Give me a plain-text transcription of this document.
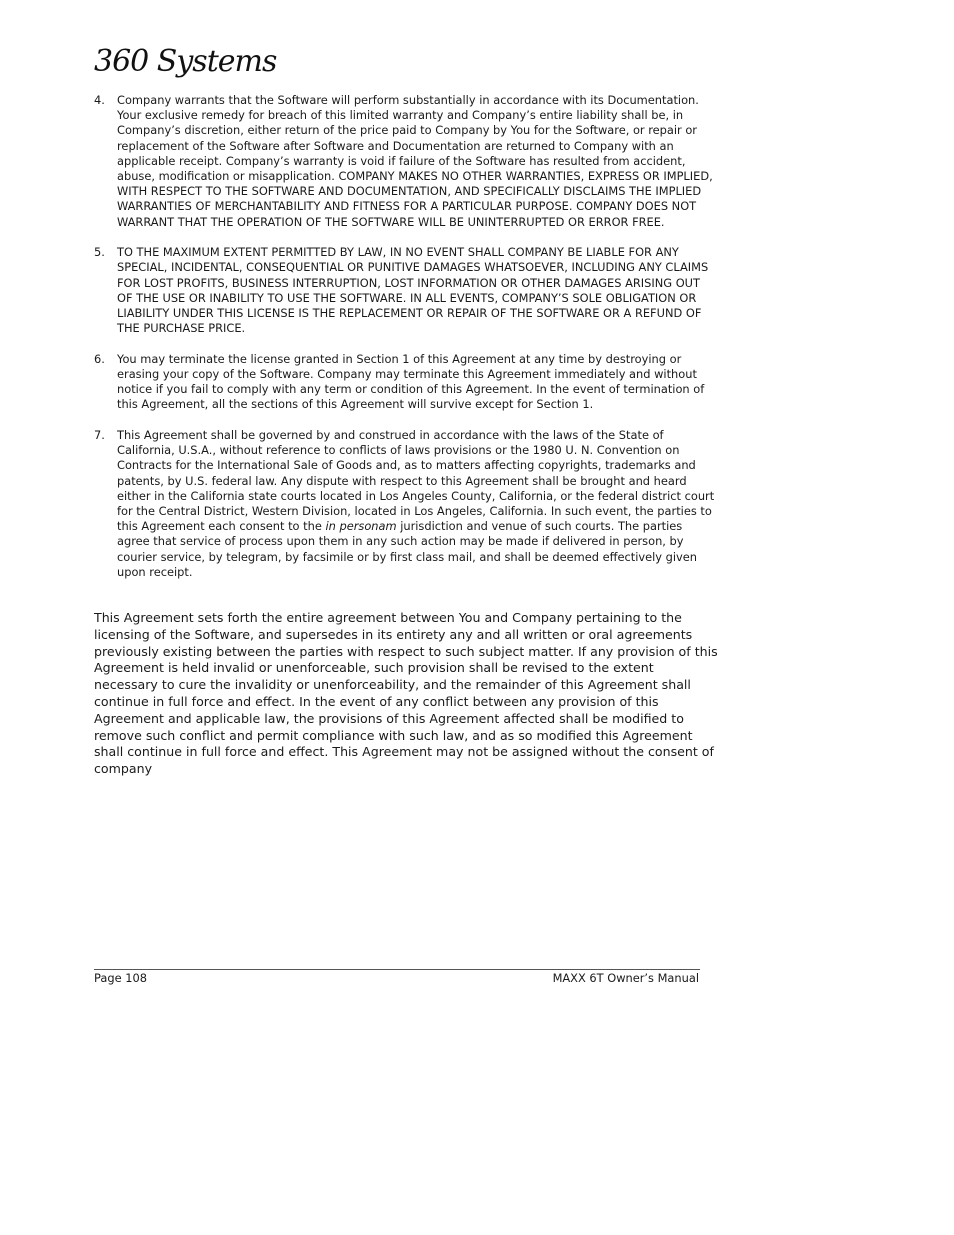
360 Systems
4. Company warrants that the Software will perform substantially in accordance with its Documentation. Your exclusive remedy for breach of this limited warranty and Company’s entire liability shall be, in Company’s discretion, either return of the price paid to Company by You for the Software, or repair or replacement of the Software after Software and Documentation are returned to Company with an applicable receipt. Company’s warranty is void if failure of the Software has resulted from accident, abuse, modification or misapplication. COMPANY MAKES NO OTHER WARRANTIES, EXPRESS OR IMPLIED, WITH RESPECT TO THE SOFTWARE AND DOCUMENTATION, AND SPECIFICALLY DISCLAIMS THE IMPLIED WARRANTIES OF MERCHANTABILITY AND FITNESS FOR A PARTICULAR PURPOSE. COMPANY DOES NOT WARRANT THAT THE OPERATION OF THE SOFTWARE WILL BE UNINTERRUPTED OR ERROR FREE.
5. TO THE MAXIMUM EXTENT PERMITTED BY LAW, IN NO EVENT SHALL COMPANY BE LIABLE FOR ANY SPECIAL, INCIDENTAL, CONSEQUENTIAL OR PUNITIVE DAMAGES WHATSOEVER, INCLUDING ANY CLAIMS FOR LOST PROFITS, BUSINESS INTERRUPTION, LOST INFORMATION OR OTHER DAMAGES ARISING OUT OF THE USE OR INABILITY TO USE THE SOFTWARE. IN ALL EVENTS, COMPANY’S SOLE OBLIGATION OR LIABILITY UNDER THIS LICENSE IS THE REPLACEMENT OR REPAIR OF THE SOFTWARE OR A REFUND OF THE PURCHASE PRICE.
6. You may terminate the license granted in Section 1 of this Agreement at any time by destroying or erasing your copy of the Software. Company may terminate this Agreement immediately and without notice if you fail to comply with any term or condition of this Agreement. In the event of termination of this Agreement, all the sections of this Agreement will survive except for Section 1.
7. This Agreement shall be governed by and construed in accordance with the laws of the State of California, U.S.A., without reference to conflicts of laws provisions or the 1980 U. N. Convention on Contracts for the International Sale of Goods and, as to matters affecting copyrights, trademarks and patents, by U.S. federal law. Any dispute with respect to this Agreement shall be brought and heard either in the California state courts located in Los Angeles County, California, or the federal district court for the Central District, Western Division, located in Los Angeles, California. In such event, the parties to this Agreement each consent to the in personam jurisdiction and venue of such courts. The parties agree that service of process upon them in any such action may be made if delivered in person, by courier service, by telegram, by facsimile or by first class mail, and shall be deemed effectively given upon receipt.

This Agreement sets forth the entire agreement between You and Company pertaining to the licensing of the Software, and supersedes in its entirety any and all written or oral agreements previously existing between the parties with respect to such subject matter. If any provision of this Agreement is held invalid or unenforceable, such provision shall be revised to the extent necessary to cure the invalidity or unenforceability, and the remainder of this Agreement shall continue in full force and effect. In the event of any conflict between any provision of this Agreement and applicable law, the provisions of this Agreement affected shall be modified to remove such conflict and permit compliance with such law, and as so modified this Agreement shall continue in full force and effect. This Agreement may not be assigned without the consent of company

Page 108	MAXX 6T Owner’s Manual
